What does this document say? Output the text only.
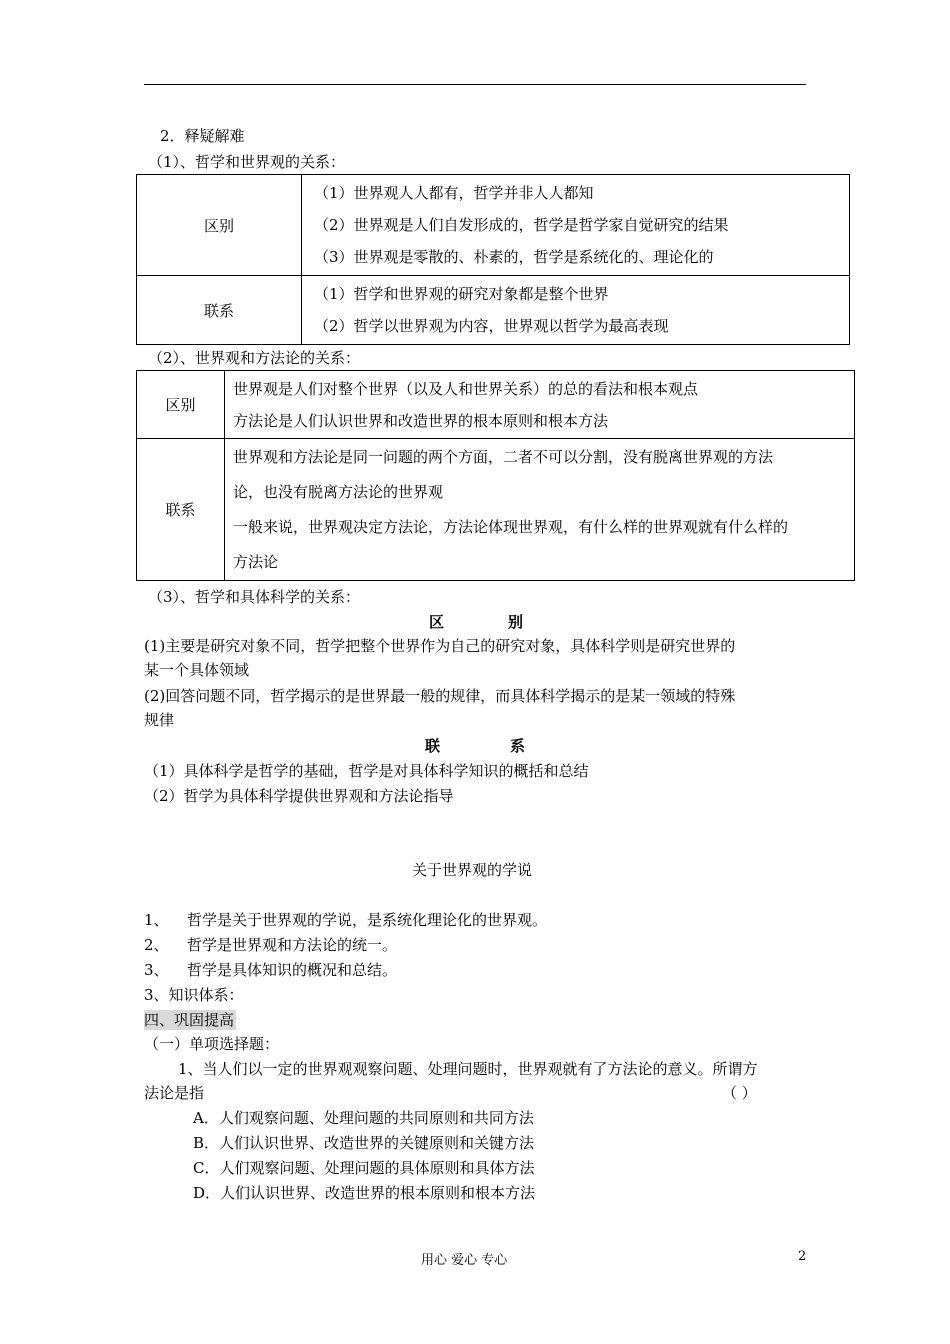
2．释疑解难
（1）、哲学和世界观的关系：
区别	（1）世界观人人都有，哲学并非人人都知
（2）世界观是人们自发形成的，哲学是哲学家自觉研究的结果
（3）世界观是零散的、朴素的，哲学是系统化的、理论化的

联系	（1）哲学和世界观的研究对象都是整个世界
（2）哲学以世界观为内容，世界观以哲学为最高表现
（2）、世界观和方法论的关系：
区别	世界观是人们对整个世界（以及人和世界关系）的总的看法和根本观点
方法论是人们认识世界和改造世界的根本原则和根本方法

联系	世界观和方法论是同一问题的两个方面，二者不可以分割，没有脱离世界观的方法
论，也没有脱离方法论的世界观
一般来说，世界观决定方法论，方法论体现世界观，有什么样的世界观就有什么样的
方法论
（3）、哲学和具体科学的关系：
区	别
(1)主要是研究对象不同，哲学把整个世界作为自己的研究对象，具体科学则是研究世界的
某一个具体领域
(2)回答问题不同，哲学揭示的是世界最一般的规律，而具体科学揭示的是某一领域的特殊
规律
联	系
（1）具体科学是哲学的基础，哲学是对具体科学知识的概括和总结
（2）哲学为具体科学提供世界观和方法论指导
关于世界观的学说
1、 哲学是关于世界观的学说，是系统化理论化的世界观。
2、 哲学是世界观和方法论的统一。
3、 哲学是具体知识的概况和总结。
3、知识体系：
四、巩固提高
（一）单项选择题：
1、当人们以一定的世界观观察问题、处理问题时，世界观就有了方法论的意义。所谓方
法论是指	（ ）
A．人们观察问题、处理问题的共同原则和共同方法
B．人们认识世界、改造世界的关键原则和关键方法
C．人们观察问题、处理问题的具体原则和具体方法
D．人们认识世界、改造世界的根本原则和根本方法
用心 爱心 专心	2
